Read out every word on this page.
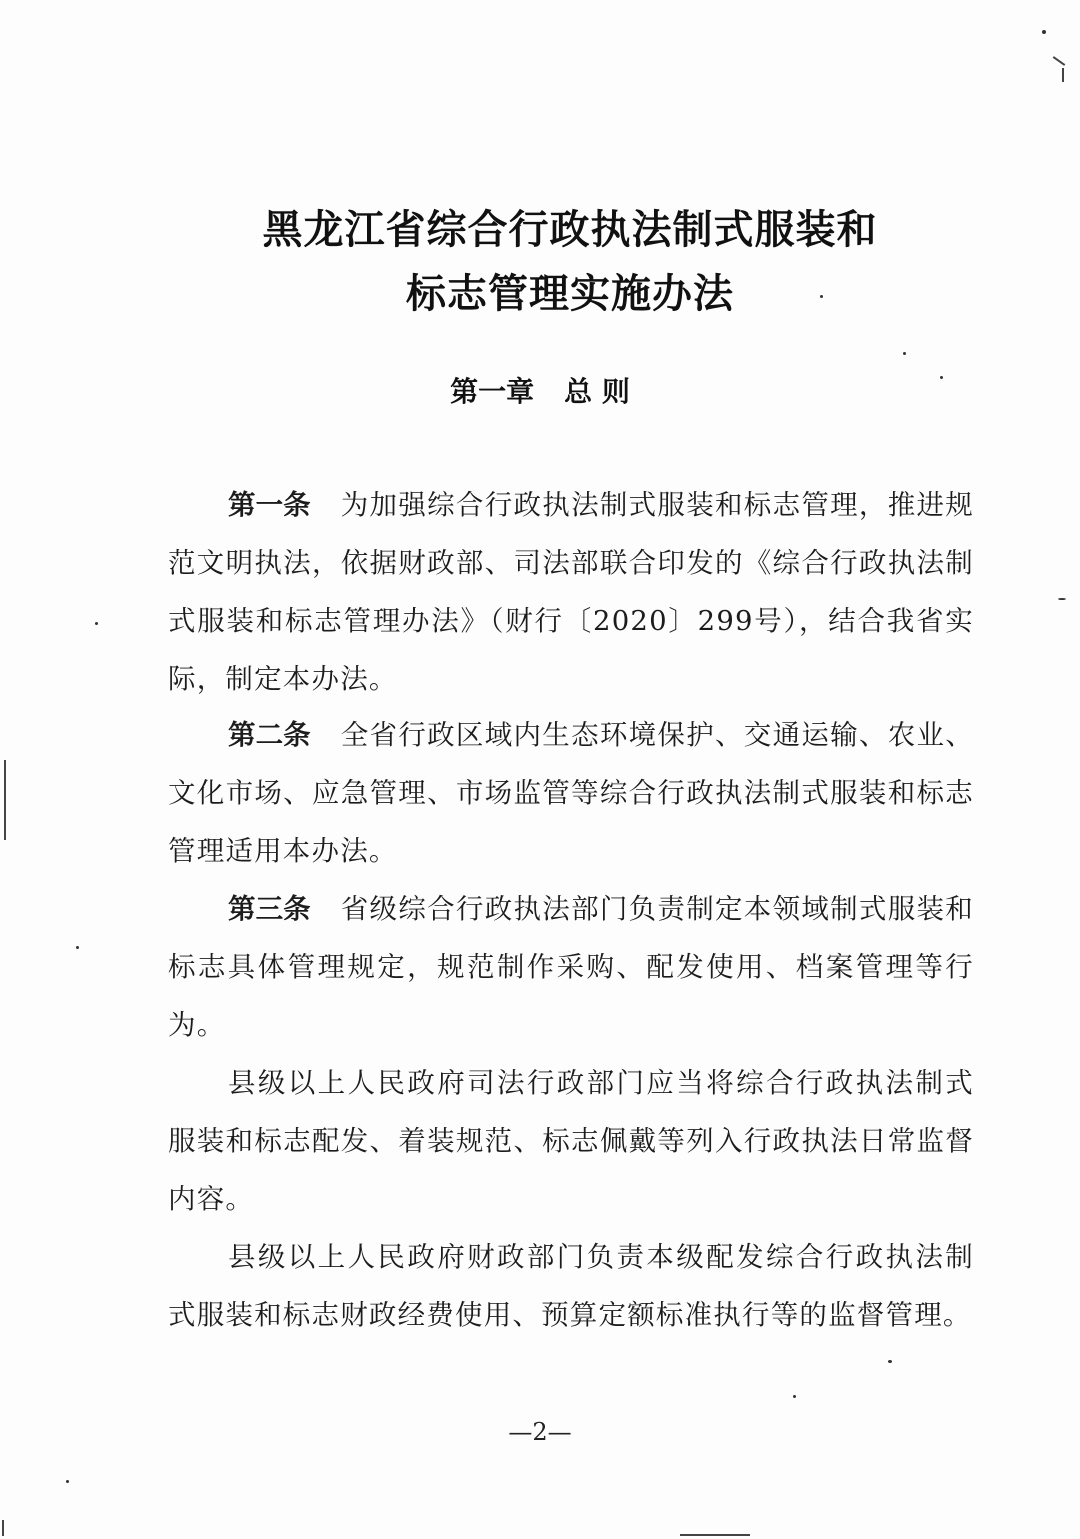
黑龙江省综合行政执法制式服装和
标志管理实施办法
第一章 总 则
第一条 为加强综合行政执法制式服装和标志管理，推进规范文明执法，依据财政部、司法部联合印发的《综合行政执法制式服装和标志管理办法》（财行〔2020〕299号），结合我省实际，制定本办法。
第二条 全省行政区域内生态环境保护、交通运输、农业、文化市场、应急管理、市场监管等综合行政执法制式服装和标志管理适用本办法。
第三条 省级综合行政执法部门负责制定本领域制式服装和标志具体管理规定，规范制作采购、配发使用、档案管理等行为。
县级以上人民政府司法行政部门应当将综合行政执法制式服装和标志配发、着装规范、标志佩戴等列入行政执法日常监督内容。
县级以上人民政府财政部门负责本级配发综合行政执法制式服装和标志财政经费使用、预算定额标准执行等的监督管理。
—2—
